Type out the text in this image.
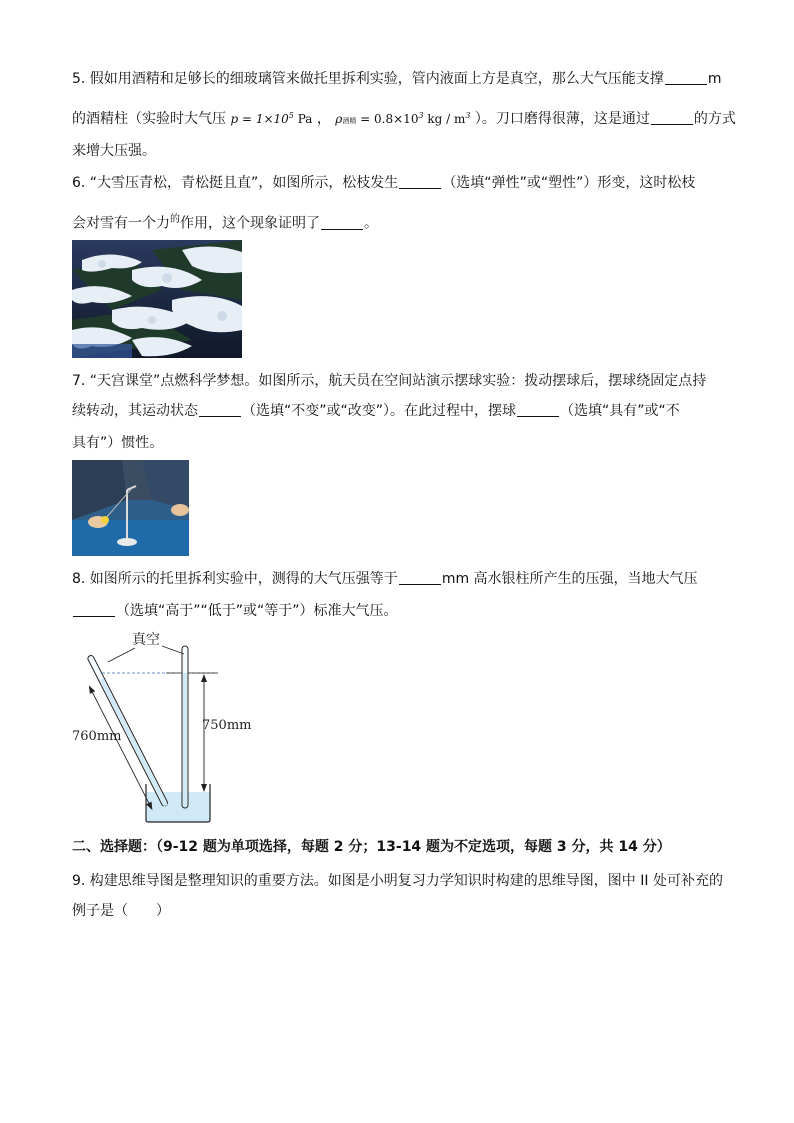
5. 假如用酒精和足够长的细玻璃管来做托里拆利实验，管内液面上方是真空，那么大气压能支撑	m
的酒精柱（实验时大气压 $p = 1\times 10^5$ Pa ， ρ酒精 = $0.8\times 10^3$ kg / $m^3$ ）。刀口磨得很薄，这是通过	的方式
来增大压强。
6. “大雪压青松，青松挺且直”，如图所示，松枝发生	（选填“弹性”或“塑性”）形变，这时松枝
会对雪有一个力$^的$作用，这个现象证明了	。
7. “天宫课堂”点燃科学梦想。如图所示，航天员在空间站演示摆球实验：拨动摆球后，摆球绕固定点持
续转动，其运动状态	（选填“不变”或“改变”）。在此过程中，摆球	（选填“具有”或“不
具有”）惯性。
8. 如图所示的托里拆利实验中，测得的大气压强等于	mm 高水银柱所产生的压强，当地大气压
（选填“高于”“低于”或“等于”）标准大气压。
真空
760mm
750mm
二、选择题：（9-12 题为单项选择，每题 2 分；13-14 题为不定选项，每题 3 分，共 14 分）
9. 构建思维导图是整理知识的重要方法。如图是小明复习力学知识时构建的思维导图，图中 II 处可补充的
例子是（　　）
